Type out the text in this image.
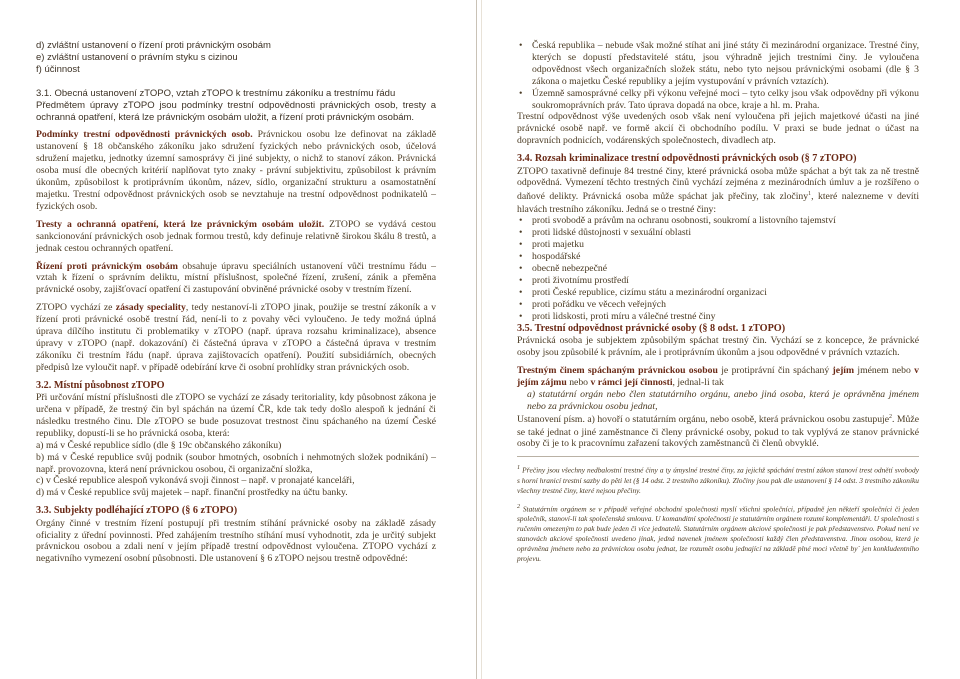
d) zvláštní ustanovení o řízení proti právnickým osobám

e) zvláštní ustanovení o právním styku s cizinou

f) účinnost

3.1. Obecná ustanovení zTOPO, vztah zTOPO k trestnímu zákoníku a trestnímu řádu

Předmětem úpravy zTOPO jsou podmínky trestní odpovědnosti právnických osob, tresty a ochranná opatření, která lze právnickým osobám uložit, a řízení proti právnickým osobám.

Podmínky trestní odpovědnosti právnických osob. Právnickou osobu lze definovat na základě ustanovení § 18 občanského zákoníku jako sdružení fyzických nebo právnických osob, účelová sdružení majetku, jednotky územní samosprávy či jiné subjekty, o nichž to stanoví zákon. Právnická osoba musí dle obecných kritérií naplňovat tyto znaky - právní subjektivitu, způsobilost k právním úkonům, způsobilost k protiprávním úkonům, název, sídlo, organizační strukturu a osamostatnění majetku. Trestní odpovědnost právnických osob se nevztahuje na trestní odpovědnost podnikatelů – fyzických osob.

Tresty a ochranná opatření, která lze právnickým osobám uložit. ZTOPO se vydává cestou sankcionování právnických osob jednak formou trestů, kdy definuje relativně širokou škálu 8 trestů, a jednak cestou ochranných opatření.

Řízení proti právnickým osobám obsahuje úpravu speciálních ustanovení vůči trestnímu řádu – vztah k řízení o správním deliktu, místní příslušnost, společné řízení, zrušení, zánik a přeměna právnické osoby, zajišťovací opatření či zastupování obviněné právnické osoby v trestním řízení.

ZTOPO vychází ze zásady speciality, tedy nestanoví-li zTOPO jinak, použije se trestní zákoník a v řízení proti právnické osobě trestní řád, není-li to z povahy věci vyloučeno. Je tedy možná úplná úprava dílčího institutu či problematiky v zTOPO (např. úprava rozsahu kriminalizace), absence úpravy v zTOPO (např. dokazování) či částečná úprava v zTOPO a částečná úprava v trestním zákoníku či trestním řádu (např. úprava zajištovacích opatření). Použití subsidiárních, obecných předpisů lze vyloučit např. v případě odebírání krve či osobní prohlídky stran právnických osob.

3.2. Místní působnost zTOPO

Při určování místní příslušnosti dle zTOPO se vychází ze zásady teritoriality, kdy působnost zákona je určena v případě, že trestný čin byl spáchán na území ČR, kde tak tedy došlo alespoň k jednání či následku trestného činu. Dle zTOPO se bude posuzovat trestnost činu spáchaného na území České republiky, dopustí-li se ho právnická osoba, která:

a) má v České republice sídlo (dle § 19c občanského zákoníku)

b) má v České republice svůj podnik (soubor hmotných, osobních i nehmotných složek podnikání) – např. provozovna, která není právnickou osobou, či organizační složka,

c) v České republice alespoň vykonává svoji činnost – např. v pronajaté kanceláři,

d) má v České republice svůj majetek – např. finanční prostředky na účtu banky.

3.3. Subjekty podléhající zTOPO (§ 6 zTOPO)

Orgány činné v trestním řízení postupují při trestním stíhání právnické osoby na základě zásady oficiality z úřední povinnosti. Před zahájením trestního stíhání musí vyhodnotit, zda je určitý subjekt právnickou osobou a zdali není v jejím případě trestní odpovědnost vyloučena. ZTOPO vychází z negativního vymezení osobní působnosti. Dle ustanovení § 6 zTOPO nejsou trestně odpovědné:

• Česká republika – nebude však možné stíhat ani jiné státy či mezinárodní organizace. Trestné činy, kterých se dopustí představitelé státu, jsou výhradně jejich trestními činy. Je vyloučena odpovědnost všech organizačních složek státu, nebo tyto nejsou právnickými osobami (dle § 3 zákona o majetku České republiky a jejím vystupování v právních vztazích).
• Územně samosprávné celky při výkonu veřejné moci – tyto celky jsou však odpovědny při výkonu soukromoprávních práv. Tato úprava dopadá na obce, kraje a hl. m. Praha.

Trestní odpovědnost výše uvedených osob však není vyloučena při jejich majetkové účasti na jiné právnické osobě např. ve formě akcií či obchodního podílu. V praxi se bude jednat o účast na dopravních podnicích, vodárenských společnostech, divadlech atp.

3.4. Rozsah kriminalizace trestní odpovědnosti právnických osob (§ 7 zTOPO)

ZTOPO taxativně definuje 84 trestné činy, které právnická osoba může spáchat a být tak za ně trestně odpovědná. Vymezení těchto trestných činů vychází zejména z mezinárodních úmluv a je rozšířeno o daňové delikty. Právnická osoba může spáchat jak přečiny, tak zločiny$^1$, které nalezneme v devíti hlavách trestního zákoníku. Jedná se o trestné činy:

• proti svobodě a právům na ochranu osobnosti, soukromí a listovního tajemství
• proti lidské důstojnosti v sexuální oblasti
• proti majetku
• hospodářské
• obecně nebezpečné
• proti životnímu prostředí
• proti České republice, cizímu státu a mezinárodní organizaci
• proti pořádku ve věcech veřejných
• proti lidskosti, proti míru a válečné trestné činy

3.5. Trestní odpovědnost právnické osoby (§ 8 odst. 1 zTOPO)

Právnická osoba je subjektem způsobilým spáchat trestný čin. Vychází se z koncepce, že právnické osoby jsou způsobilé k právním, ale i protiprávním úkonům a jsou odpovědné v právních vztazích.

Trestným činem spáchaným právnickou osobou je protiprávní čin spáchaný jejím jménem nebo v jejím zájmu nebo v rámci její činnosti, jednal-li tak

a) statutární orgán nebo člen statutárního orgánu, anebo jiná osoba, která je oprávněna jménem nebo za právnickou osobu jednat,

Ustanovení písm. a) hovoří o statutárním orgánu, nebo osobě, která právnickou osobu zastupuje$^2$. Může se také jednat o jiné zaměstnance či členy právnické osoby, pokud to tak vyplývá ze stanov právnické osoby či je to k pracovnímu zařazení takových zaměstnanců či členů obvyklé.

$^1$ Přečiny jsou všechny nedbalostní trestné činy a ty úmyslné trestné činy, za jejichž spáchání trestní zákon stanoví trest odnětí svobody s horní hranicí trestní sazby do pěti let (§ 14 odst. 2 trestního zákoníku). Zločiny jsou pak dle ustanovení § 14 odst. 3 trestního zákoníku všechny trestné činy, které nejsou přečiny.

$^2$ Statutárním orgánem se v případě veřejné obchodní společnosti myslí všichni společníci, případně jen někteří společníci či jeden společník, stanoví-li tak společenská smlouva. U komanditní společnosti je statutárním orgánem rozumí komplementáři. U společnosti s ručením omezeným to pak bude jeden či více jednatelů. Statutárním orgánem akciové společnosti je pak představenstvo. Pokud není ve stanovách akciové společnosti uvedeno jinak, jedná navenek jménem společnosti každý člen představenstva. Jinou osobou, která je oprávněna jménem nebo za právnickou osobu jednat, lze rozumět osobu jednající na základě plné moci včetně by´ jen konkludentního projevu.
